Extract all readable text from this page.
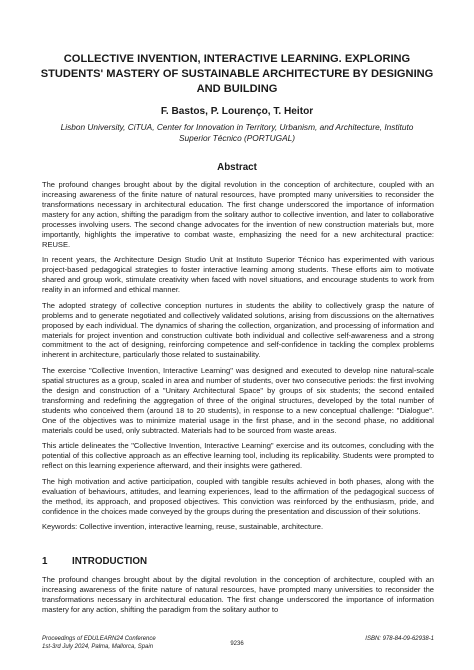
COLLECTIVE INVENTION, INTERACTIVE LEARNING. EXPLORING STUDENTS' MASTERY OF SUSTAINABLE ARCHITECTURE BY DESIGNING AND BUILDING

F. Bastos, P. Lourenço, T. Heitor

Lisbon University, CiTUA, Center for Innovation in Territory, Urbanism, and Architecture, Instituto Superior Técnico (PORTUGAL)

Abstract

The profound changes brought about by the digital revolution in the conception of architecture, coupled with an increasing awareness of the finite nature of natural resources, have prompted many universities to reconsider the transformations necessary in architectural education. The first change underscored the importance of information mastery for any action, shifting the paradigm from the solitary author to collective invention, and later to collaborative processes involving users. The second change advocates for the invention of new construction materials but, more importantly, highlights the imperative to combat waste, emphasizing the need for a new architectural practice: REUSE.

In recent years, the Architecture Design Studio Unit at Instituto Superior Técnico has experimented with various project-based pedagogical strategies to foster interactive learning among students. These efforts aim to motivate shared and group work, stimulate creativity when faced with novel situations, and encourage students to work from reality in an informed and ethical manner.

The adopted strategy of collective conception nurtures in students the ability to collectively grasp the nature of problems and to generate negotiated and collectively validated solutions, arising from discussions on the alternatives proposed by each individual. The dynamics of sharing the collection, organization, and processing of information and materials for project invention and construction cultivate both individual and collective self-awareness and a strong commitment to the act of designing, reinforcing competence and self-confidence in tackling the complex problems inherent in architecture, particularly those related to sustainability.

The exercise "Collective Invention, Interactive Learning" was designed and executed to develop nine natural-scale spatial structures as a group, scaled in area and number of students, over two consecutive periods: the first involving the design and construction of a "Unitary Architectural Space" by groups of six students; the second entailed transforming and redefining the aggregation of three of the original structures, developed by the total number of students who conceived them (around 18 to 20 students), in response to a new conceptual challenge: "Dialogue". One of the objectives was to minimize material usage in the first phase, and in the second phase, no additional materials could be used, only subtracted. Materials had to be sourced from waste areas.

This article delineates the "Collective Invention, Interactive Learning" exercise and its outcomes, concluding with the potential of this collective approach as an effective learning tool, including its replicability. Students were prompted to reflect on this learning experience afterward, and their insights were gathered.

The high motivation and active participation, coupled with tangible results achieved in both phases, along with the evaluation of behaviours, attitudes, and learning experiences, lead to the affirmation of the pedagogical success of the method, its approach, and proposed objectives. This conviction was reinforced by the enthusiasm, pride, and confidence in the choices made conveyed by the groups during the presentation and discussion of their solutions.

Keywords: Collective invention, interactive learning, reuse, sustainable, architecture.

1	INTRODUCTION

The profound changes brought about by the digital revolution in the conception of architecture, coupled with an increasing awareness of the finite nature of natural resources, have prompted many universities to reconsider the transformations necessary in architectural education. The first change underscored the importance of information mastery for any action, shifting the paradigm from the solitary author to

Proceedings of EDULEARN24 Conference
1st-3rd July 2024, Palma, Mallorca, Spain	9236
ISBN: 978-84-09-62938-1
